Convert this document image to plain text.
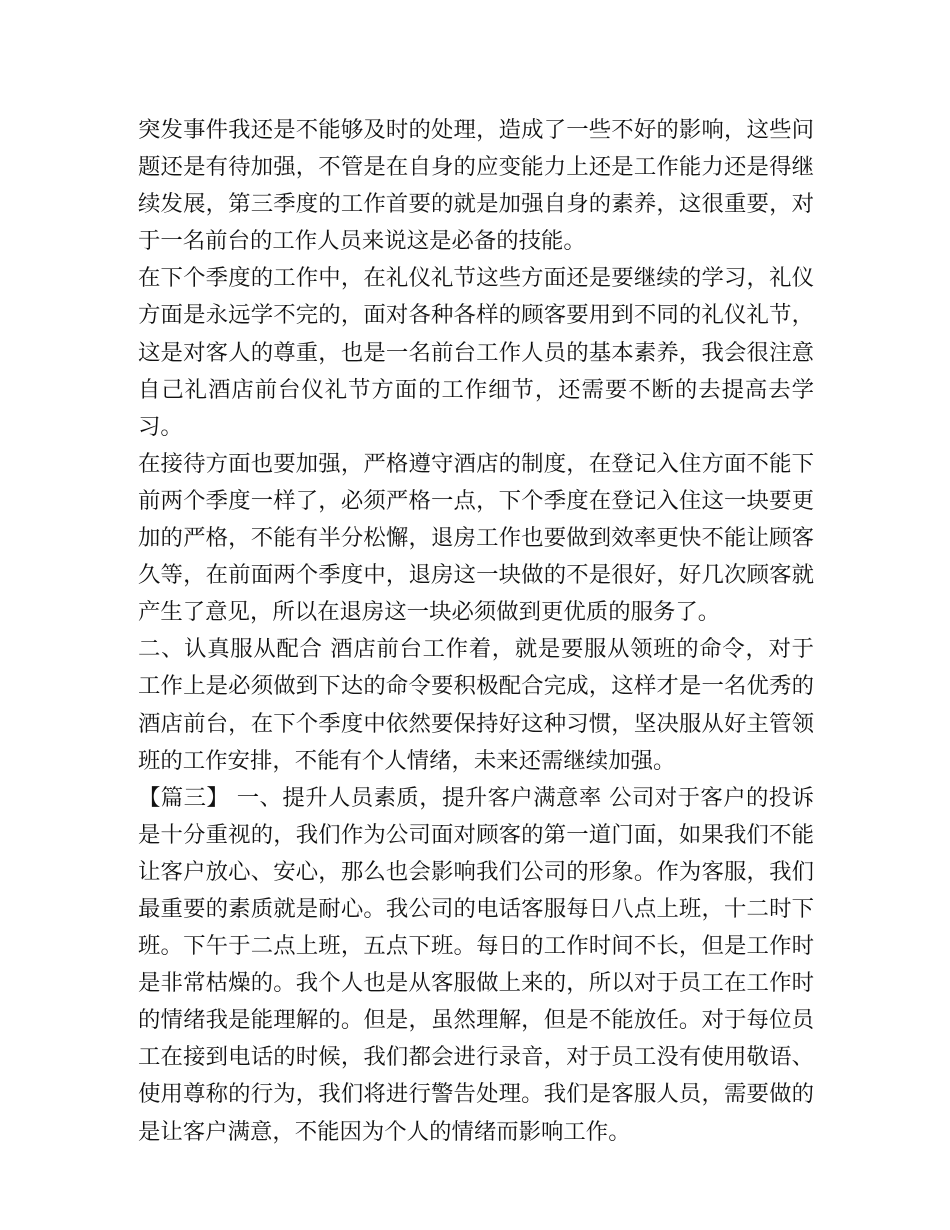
突发事件我还是不能够及时的处理，造成了一些不好的影响，这些问题还是有待加强，不管是在自身的应变能力上还是工作能力还是得继续发展，第三季度的工作首要的就是加强自身的素养，这很重要，对于一名前台的工作人员来说这是必备的技能。

在下个季度的工作中，在礼仪礼节这些方面还是要继续的学习，礼仪方面是永远学不完的，面对各种各样的顾客要用到不同的礼仪礼节，这是对客人的尊重，也是一名前台工作人员的基本素养，我会很注意自己礼酒店前台仪礼节方面的工作细节，还需要不断的去提高去学习。

在接待方面也要加强，严格遵守酒店的制度，在登记入住方面不能下前两个季度一样了，必须严格一点，下个季度在登记入住这一块要更加的严格，不能有半分松懈，退房工作也要做到效率更快不能让顾客久等，在前面两个季度中，退房这一块做的不是很好，好几次顾客就产生了意见，所以在退房这一块必须做到更优质的服务了。

二、认真服从配合 酒店前台工作着，就是要服从领班的命令，对于工作上是必须做到下达的命令要积极配合完成，这样才是一名优秀的酒店前台，在下个季度中依然要保持好这种习惯，坚决服从好主管领班的工作安排，不能有个人情绪，未来还需继续加强。

【篇三】 一、提升人员素质，提升客户满意率 公司对于客户的投诉是十分重视的，我们作为公司面对顾客的第一道门面，如果我们不能让客户放心、安心，那么也会影响我们公司的形象。作为客服，我们最重要的素质就是耐心。我公司的电话客服每日八点上班，十二时下班。下午于二点上班，五点下班。每日的工作时间不长，但是工作时是非常枯燥的。我个人也是从客服做上来的，所以对于员工在工作时的情绪我是能理解的。但是，虽然理解，但是不能放任。对于每位员工在接到电话的时候，我们都会进行录音，对于员工没有使用敬语、使用尊称的行为，我们将进行警告处理。我们是客服人员，需要做的是让客户满意，不能因为个人的情绪而影响工作。
